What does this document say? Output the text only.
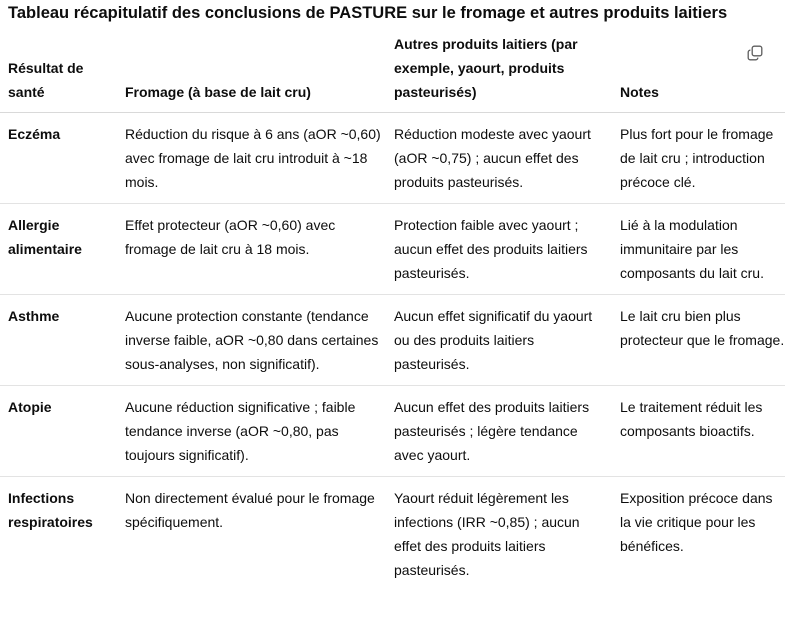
Tableau récapitulatif des conclusions de PASTURE sur le fromage et autres produits laitiers
Résultat de santé	Fromage (à base de lait cru)	Autres produits laitiers (par exemple, yaourt, produits pasteurisés)	Notes
Eczéma	Réduction du risque à 6 ans (aOR ~0,60) avec fromage de lait cru introduit à ~18 mois.	Réduction modeste avec yaourt (aOR ~0,75) ; aucun effet des produits pasteurisés.	Plus fort pour le fromage de lait cru ; introduction précoce clé.
Allergie alimentaire	Effet protecteur (aOR ~0,60) avec fromage de lait cru à 18 mois.	Protection faible avec yaourt ; aucun effet des produits laitiers pasteurisés.	Lié à la modulation immunitaire par les composants du lait cru.
Asthme	Aucune protection constante (tendance inverse faible, aOR ~0,80 dans certaines sous-analyses, non significatif).	Aucun effet significatif du yaourt ou des produits laitiers pasteurisés.	Le lait cru bien plus protecteur que le fromage.
Atopie	Aucune réduction significative ; faible tendance inverse (aOR ~0,80, pas toujours significatif).	Aucun effet des produits laitiers pasteurisés ; légère tendance avec yaourt.	Le traitement réduit les composants bioactifs.
Infections respiratoires	Non directement évalué pour le fromage spécifiquement.	Yaourt réduit légèrement les infections (IRR ~0,85) ; aucun effet des produits laitiers pasteurisés.	Exposition précoce dans la vie critique pour les bénéfices.
